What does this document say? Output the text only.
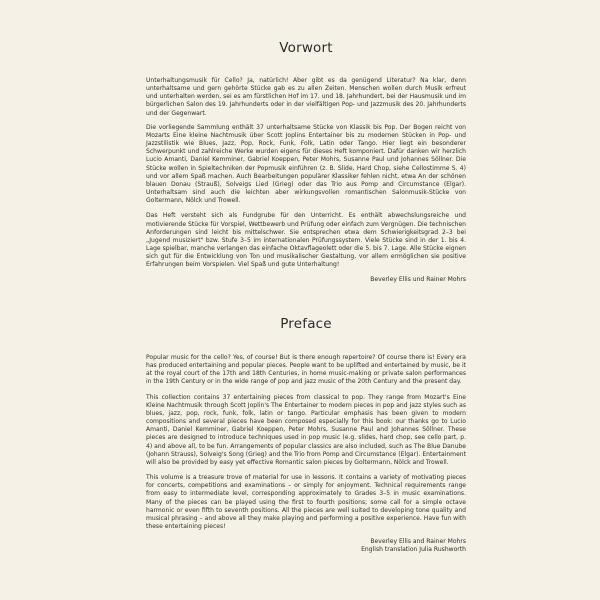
Vorwort

Unterhaltungsmusik für Cello? Ja, natürlich! Aber gibt es da genügend Literatur? Na klar, denn unterhaltsame und gern gehörte Stücke gab es zu allen Zeiten. Menschen wollen durch Musik erfreut und unterhalten werden, sei es am fürstlichen Hof im 17. und 18. Jahrhundert, bei der Hausmusik und im bürgerlichen Salon des 19. Jahrhunderts oder in der vielfältigen Pop- und Jazzmusik des 20. Jahrhunderts und der Gegenwart.

Die vorliegende Sammlung enthält 37 unterhaltsame Stücke von Klassik bis Pop. Der Bogen reicht von Mozarts Eine kleine Nachtmusik über Scott Joplins Entertainer bis zu modernen Stücken in Pop- und Jazzstilistik wie Blues, Jazz, Pop, Rock, Funk, Folk, Latin oder Tango. Hier liegt ein besonderer Schwerpunkt und zahlreiche Werke wurden eigens für dieses Heft komponiert. Dafür danken wir herzlich Lucio Amanti, Daniel Kemminer, Gabriel Koeppen, Peter Mohrs, Susanne Paul und Johannes Söllner. Die Stücke wollen in Spieltechniken der Popmusik einführen (z. B. Slide, Hard Chop, siehe Cellostimme S. 4) und vor allem Spaß machen. Auch Bearbeitungen populärer Klassiker fehlen nicht, etwa An der schönen blauen Donau (Strauß), Solveigs Lied (Grieg) oder das Trio aus Pomp and Circumstance (Elgar). Unterhaltsam sind auch die leichten aber wirkungsvollen romantischen Salonmusik-Stücke von Goltermann, Nölck und Trowell.

Das Heft versteht sich als Fundgrube für den Unterricht. Es enthält abwechslungsreiche und motivierende Stücke für Vorspiel, Wettbewerb und Prüfung oder einfach zum Vergnügen. Die technischen Anforderungen sind leicht bis mittelschwer. Sie entsprechen etwa dem Schwierigkeitsgrad 2–3 bei „Jugend musiziert" bzw. Stufe 3–5 im internationalen Prüfungssystem. Viele Stücke sind in der 1. bis 4. Lage spielbar, manche verlangen das einfache Oktavflageolett oder die 5. bis 7. Lage. Alle Stücke eignen sich gut für die Entwicklung von Ton und musikalischer Gestaltung, vor allem ermöglichen sie positive Erfahrungen beim Vorspielen. Viel Spaß und gute Unterhaltung!

Beverley Ellis und Rainer Mohrs

Preface

Popular music for the cello? Yes, of course! But is there enough repertoire? Of course there is! Every era has produced entertaining and popular pieces. People want to be uplifted and entertained by music, be it at the royal court of the 17th and 18th Centuries, in home music-making or private salon performances in the 19th Century or in the wide range of pop and jazz music of the 20th Century and the present day.

This collection contains 37 entertaining pieces from classical to pop. They range from Mozart's Eine Kleine Nachtmusik through Scott Joplin's The Entertainer to modern pieces in pop and jazz styles such as blues, jazz, pop, rock, funk, folk, latin or tango. Particular emphasis has been given to modern compositions and several pieces have been composed especially for this book: our thanks go to Lucio Amanti, Daniel Kemminer, Gabriel Koeppen, Peter Mohrs, Susanne Paul and Johannes Söllner. These pieces are designed to introduce techniques used in pop music (e.g. slides, hard chop, see cello part, p. 4) and above all, to be fun. Arrangements of popular classics are also included, such as The Blue Danube (Johann Strauss), Solveig's Song (Grieg) and the Trio from Pomp and Circumstance (Elgar). Entertainment will also be provided by easy yet effective Romantic salon pieces by Goltermann, Nölck and Trowell.

This volume is a treasure trove of material for use in lessons. It contains a variety of motivating pieces for concerts, competitions and examinations – or simply for enjoyment. Technical requirements range from easy to intermediate level, corresponding approximately to Grades 3–5 in music examinations. Many of the pieces can be played using the first to fourth positions; some call for a simple octave harmonic or even fifth to seventh positions. All the pieces are well suited to developing tone quality and musical phrasing – and above all they make playing and performing a positive experience. Have fun with these entertaining pieces!

Beverley Ellis and Rainer Mohrs

English translation Julia Rushworth
